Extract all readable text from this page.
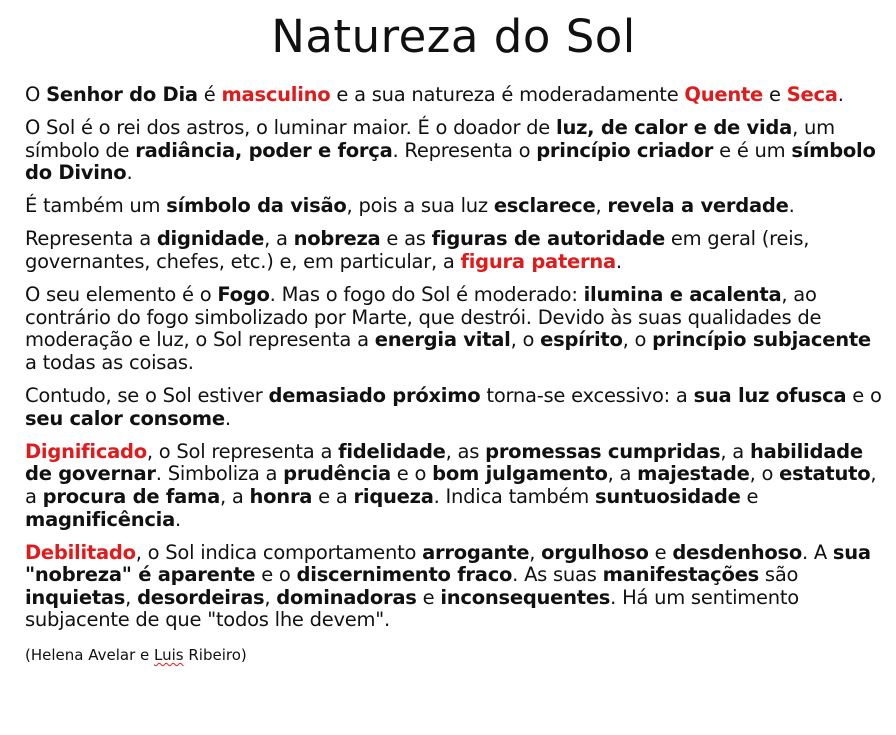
Natureza do Sol

O Senhor do Dia é masculino e a sua natureza é moderadamente Quente e Seca.

O Sol é o rei dos astros, o luminar maior. É o doador de luz, de calor e de vida, um símbolo de radiância, poder e força. Representa o princípio criador e é um símbolo do Divino.

É também um símbolo da visão, pois a sua luz esclarece, revela a verdade.

Representa a dignidade, a nobreza e as figuras de autoridade em geral (reis, governantes, chefes, etc.) e, em particular, a figura paterna.

O seu elemento é o Fogo. Mas o fogo do Sol é moderado: ilumina e acalenta, ao contrário do fogo simbolizado por Marte, que destrói. Devido às suas qualidades de moderação e luz, o Sol representa a energia vital, o espírito, o princípio subjacente a todas as coisas.

Contudo, se o Sol estiver demasiado próximo torna-se excessivo: a sua luz ofusca e o seu calor consome.

Dignificado, o Sol representa a fidelidade, as promessas cumpridas, a habilidade de governar. Simboliza a prudência e o bom julgamento, a majestade, o estatuto, a procura de fama, a honra e a riqueza. Indica também suntuosidade e magnificência.

Debilitado, o Sol indica comportamento arrogante, orgulhoso e desdenhoso. A sua "nobreza" é aparente e o discernimento fraco. As suas manifestações são inquietas, desordeiras, dominadoras e inconsequentes. Há um sentimento subjacente de que "todos lhe devem".

(Helena Avelar e Luis Ribeiro)
